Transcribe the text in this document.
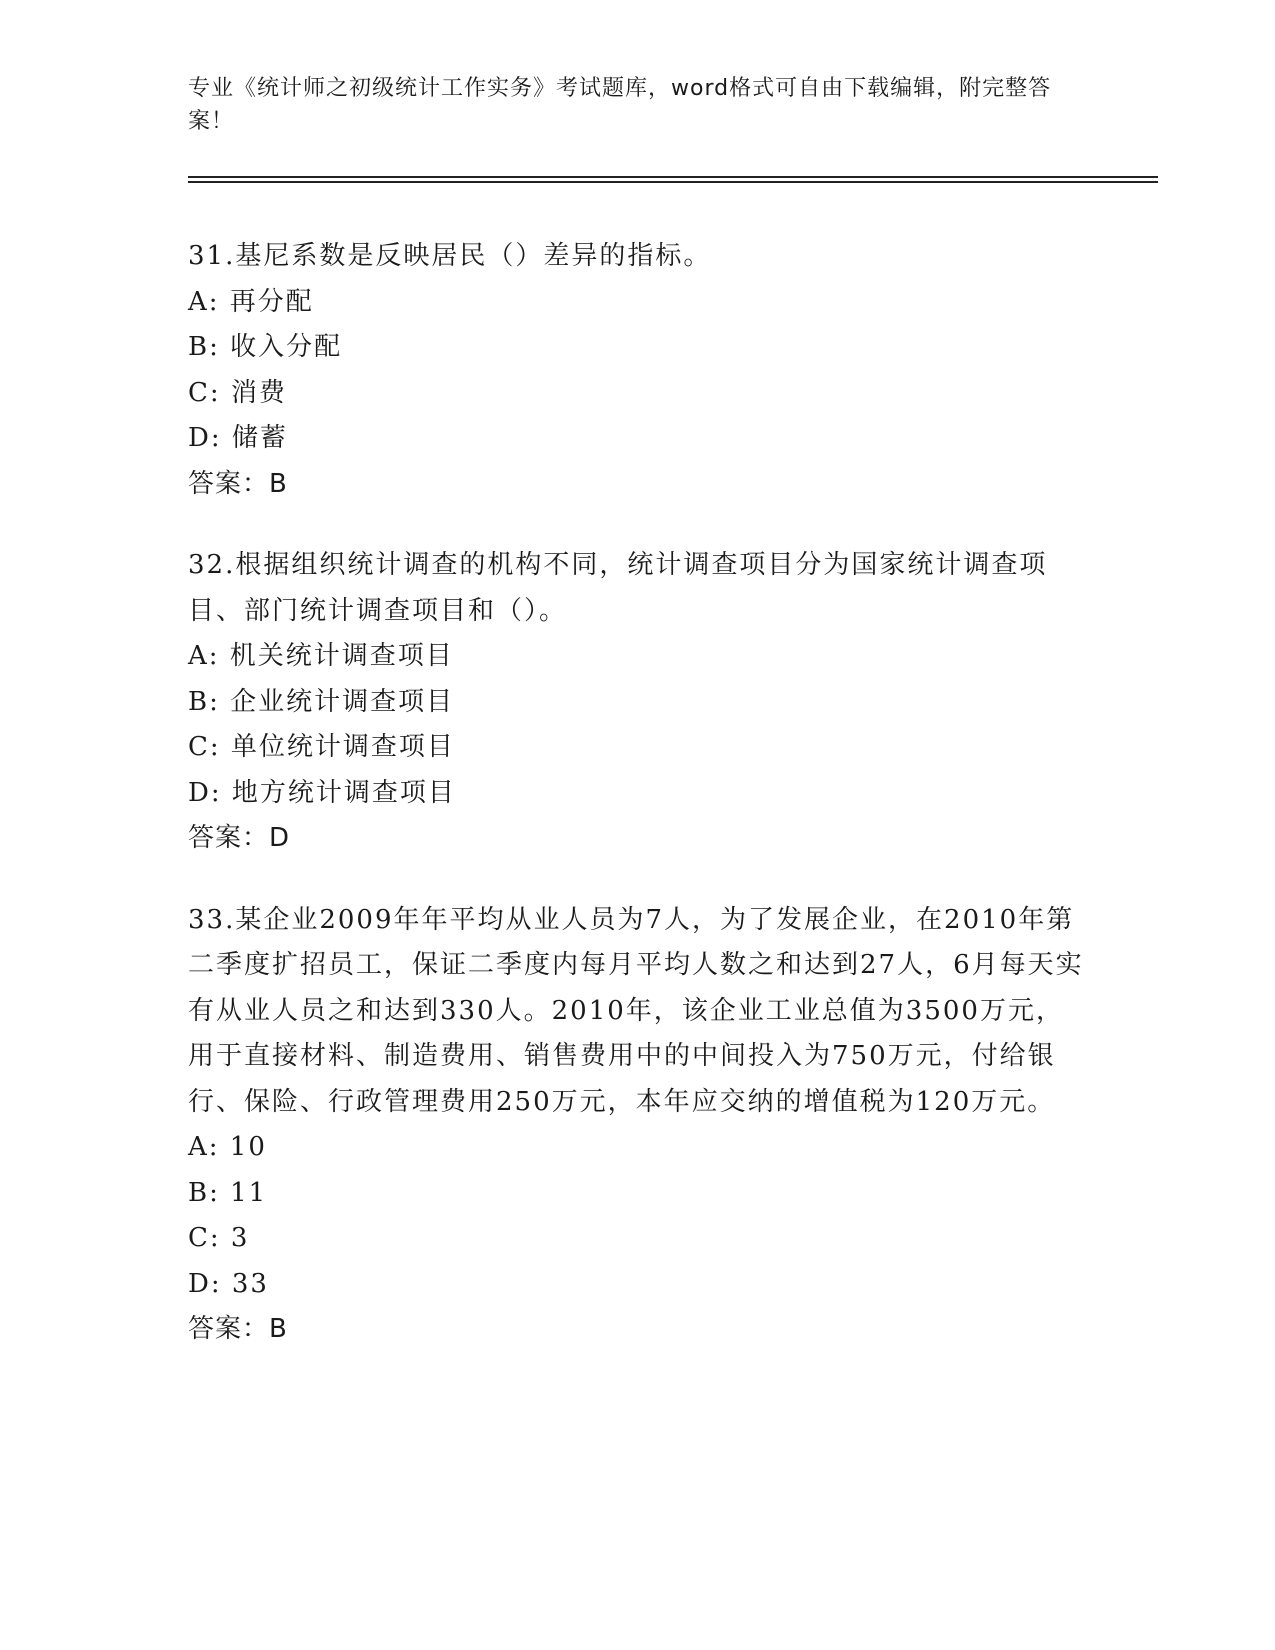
专业《统计师之初级统计工作实务》考试题库，word格式可自由下载编辑，附完整答案！

31.基尼系数是反映居民（）差异的指标。

A: 再分配

B: 收入分配

C: 消费

D: 储蓄

答案：B

32.根据组织统计调查的机构不同，统计调查项目分为国家统计调查项目、部门统计调查项目和（）。

A: 机关统计调查项目

B: 企业统计调查项目

C: 单位统计调查项目

D: 地方统计调查项目

答案：D

33.某企业2009年年平均从业人员为7人，为了发展企业，在2010年第二季度扩招员工，保证二季度内每月平均人数之和达到27人，6月每天实有从业人员之和达到330人。2010年，该企业工业总值为3500万元，用于直接材料、制造费用、销售费用中的中间投入为750万元，付给银行、保险、行政管理费用250万元，本年应交纳的增值税为120万元。

A: 10

B: 11

C: 3

D: 33

答案：B
